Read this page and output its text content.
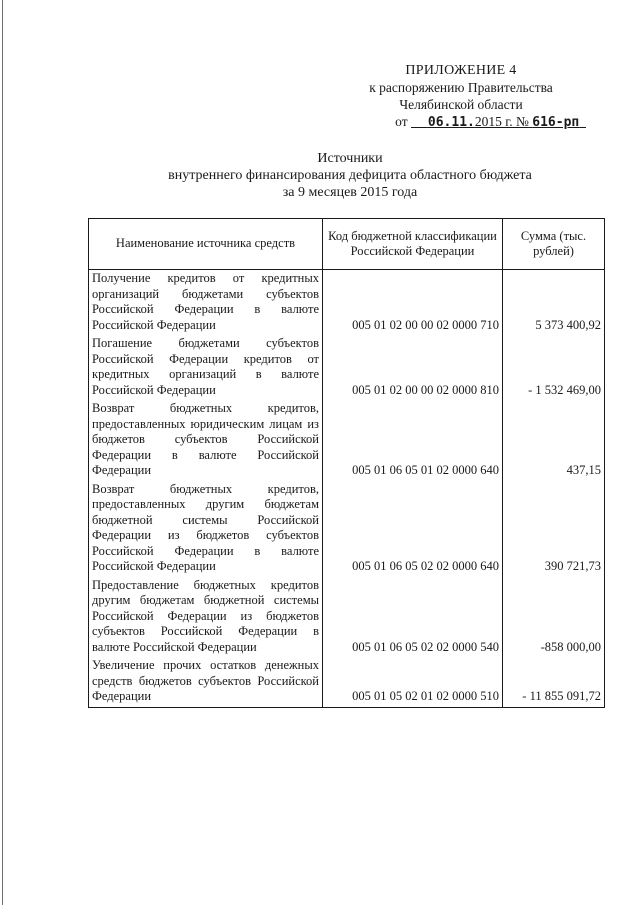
ПРИЛОЖЕНИЕ 4
к распоряжению Правительства
Челябинской области
от 06.11.2015 г. № 616-рп
Источники
внутреннего финансирования дефицита областного бюджета
за 9 месяцев 2015 года
Наименование источника средств	Код бюджетной классификации Российской Федерации	Сумма (тыс. рублей)
Получение кредитов от кредитных организаций бюджетами субъектов Российской Федерации в валюте Российской Федерации	005 01 02 00 00 02 0000 710	5 373 400,92
Погашение бюджетами субъектов Российской Федерации кредитов от кредитных организаций в валюте Российской Федерации	005 01 02 00 00 02 0000 810	- 1 532 469,00
Возврат бюджетных кредитов, предоставленных юридическим лицам из бюджетов субъектов Российской Федерации в валюте Российской Федерации	005 01 06 05 01 02 0000 640	437,15
Возврат бюджетных кредитов, предоставленных другим бюджетам бюджетной системы Российской Федерации из бюджетов субъектов Российской Федерации в валюте Российской Федерации	005 01 06 05 02 02 0000 640	390 721,73
Предоставление бюджетных кредитов другим бюджетам бюджетной системы Российской Федерации из бюджетов субъектов Российской Федерации в валюте Российской Федерации	005 01 06 05 02 02 0000 540	-858 000,00
Увеличение прочих остатков денежных средств бюджетов субъектов Российской Федерации	005 01 05 02 01 02 0000 510	- 11 855 091,72
